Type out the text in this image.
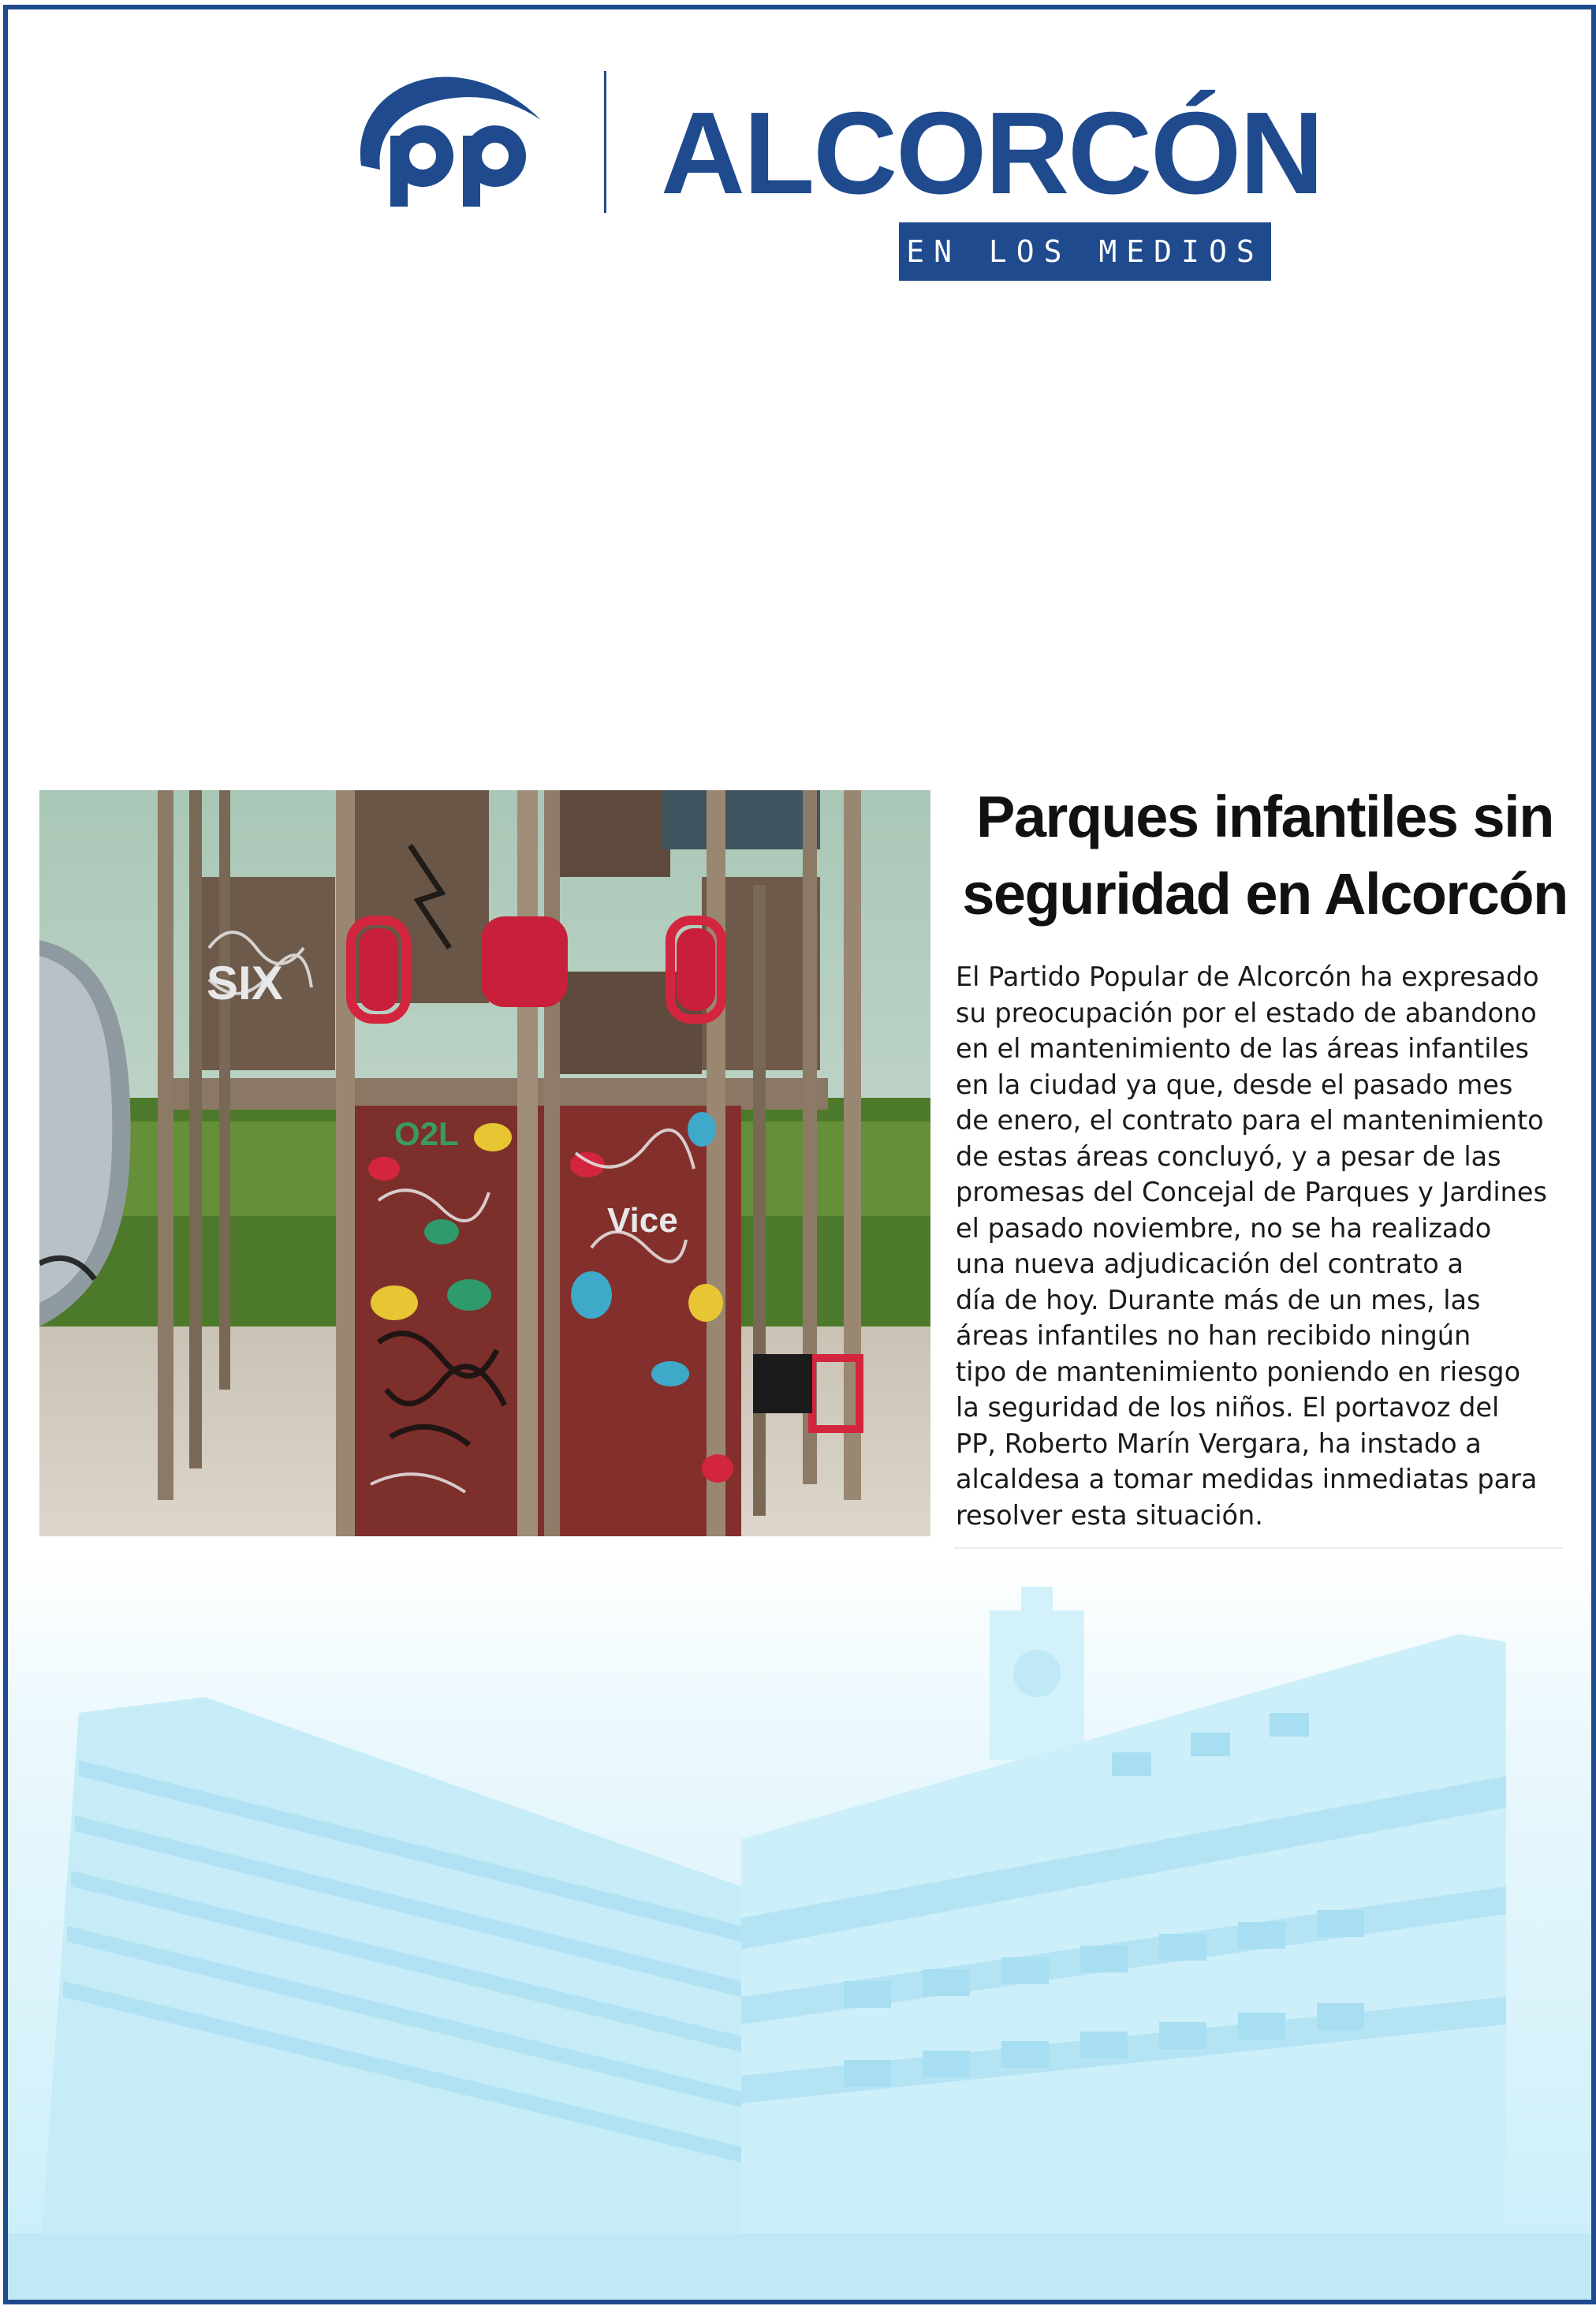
ALCORCÓN
EN LOS MEDIOS
O2L
SIX
Vice
Parques infantiles sin
seguridad en Alcorcón

El Partido Popular de Alcorcón ha expresado
su preocupación por el estado de abandono
en el mantenimiento de las áreas infantiles
en la ciudad ya que, desde el pasado mes
de enero, el contrato para el mantenimiento
de estas áreas concluyó, y a pesar de las
promesas del Concejal de Parques y Jardines
el pasado noviembre, no se ha realizado
una nueva adjudicación del contrato a
día de hoy. Durante más de un mes, las
áreas infantiles no han recibido ningún
tipo de mantenimiento poniendo en riesgo
la seguridad de los niños. El portavoz del
PP, Roberto Marín Vergara, ha instado a
alcaldesa a tomar medidas inmediatas para
resolver esta situación.
